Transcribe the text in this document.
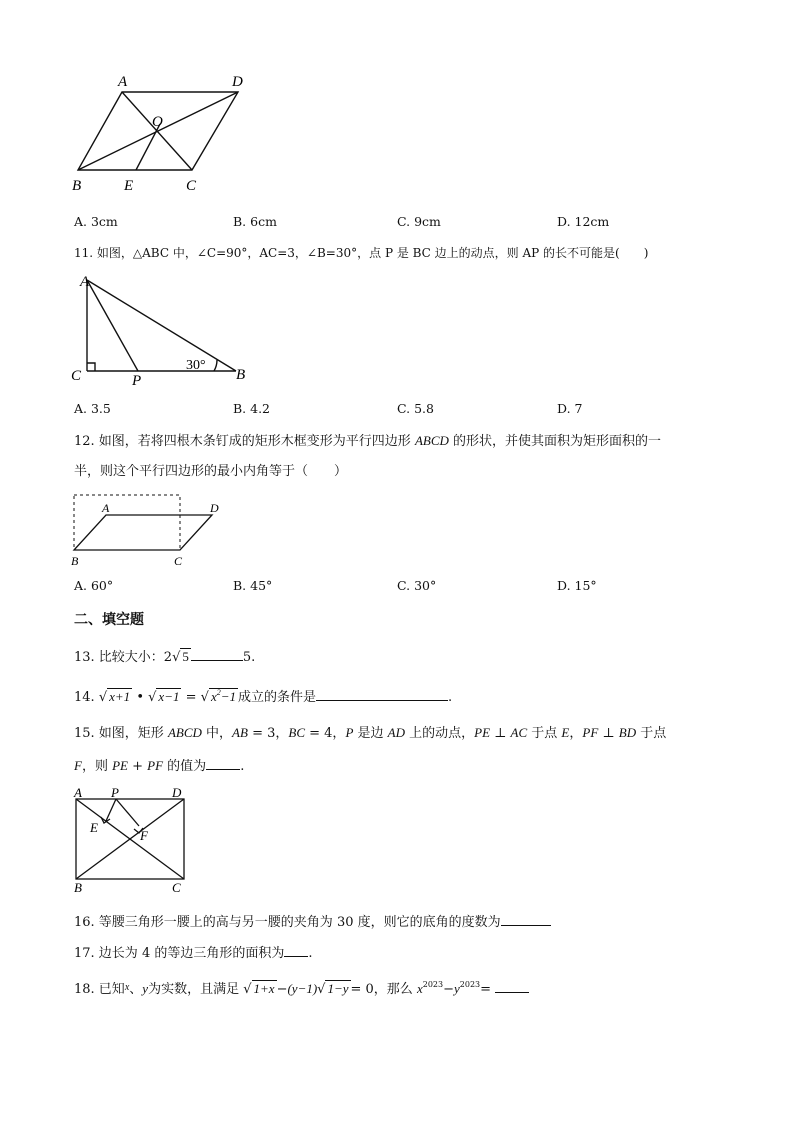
A	D
O
B	E	C
A. 3cm	B. 6cm	C. 9cm	D. 12cm
11. 如图，△ABC 中，∠C=90°，AC=3，∠B=30°，点 P 是 BC 边上的动点，则 AP 的长不可能是(　　)
A
C	P	B
30°
A. 3.5	B. 4.2	C. 5.8	D. 7
12. 如图，若将四根木条钉成的矩形木框变形为平行四边形 ABCD 的形状，并使其面积为矩形面积的一
半，则这个平行四边形的最小内角等于（　　）
A	D
B	C
A. 60°	B. 45°	C. 30°	D. 15°
二、填空题
13. 比较大小：2√ 5	5.
14. √ x+1 • √ x−1 = √ $x^2-1$ 成立的条件是	.
15. 如图，矩形 ABCD 中，AB = 3，BC = 4，P 是边 AD 上的动点，PE ⊥ AC 于点 E，PF ⊥ BD 于点
F，则 PE + PF 的值为	.
A P	D
E
F
B	C
16. 等腰三角形一腰上的高与另一腰的夹角为 30 度，则它的底角的度数为
17. 边长为 4 的等边三角形的面积为 .
18. 已知$^x$、y为实数，且满足 √ 1+x −(y−1)√ 1−y = 0，那么 $x^{2023}-y^{2023}=$
